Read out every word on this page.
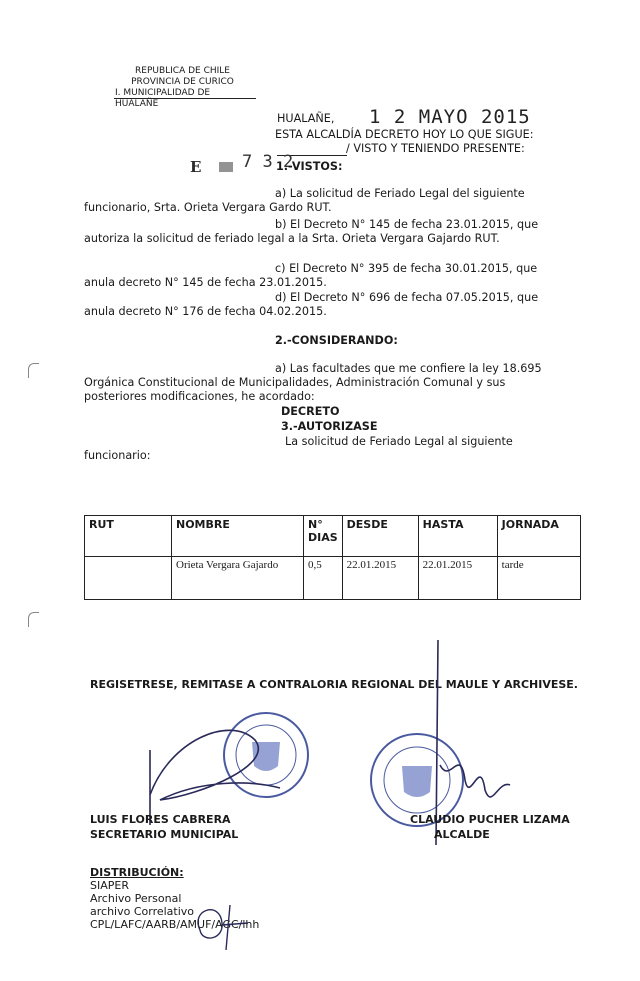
REPUBLICA DE CHILE
PROVINCIA DE CURICO
I. MUNICIPALIDAD DE HUALAÑE
HUALAÑE, 1 2 MAYO 2015
ESTA ALCALDÍA DECRETO HOY LO QUE SIGUE:
/ VISTO Y TENIENDO PRESENTE:
E 7 3 2
1.-VISTOS:
a) La solicitud de Feriado Legal del siguiente
funcionario, Srta. Orieta Vergara Gardo RUT.
b) El Decreto N° 145 de fecha 23.01.2015, que
autoriza la solicitud de feriado legal a la Srta. Orieta Vergara Gajardo RUT.
c) El Decreto N° 395 de fecha 30.01.2015, que
anula decreto N° 145 de fecha 23.01.2015.
d) El Decreto N° 696 de fecha 07.05.2015, que
anula decreto N° 176 de fecha 04.02.2015.
2.-CONSIDERANDO:
a) Las facultades que me confiere la ley 18.695
Orgánica Constitucional de Municipalidades, Administración Comunal y sus
posteriores modificaciones, he acordado:
DECRETO
3.-AUTORIZASE
La solicitud de Feriado Legal al siguiente
funcionario:
RUT	NOMBRE	N° DIAS	DESDE	HASTA	JORNADA
	Orieta Vergara Gajardo	0,5	22.01.2015	22.01.2015	tarde
REGISETRESE, REMITASE A CONTRALORIA REGIONAL DEL MAULE Y ARCHIVESE.
LUIS FLORES CABRERA
SECRETARIO MUNICIPAL
CLAUDIO PUCHER LIZAMA
ALCALDE
DISTRIBUCIÓN:
SIAPER
Archivo Personal
archivo Correlativo
CPL/LAFC/AARB/AMUF/AGC/lhh
